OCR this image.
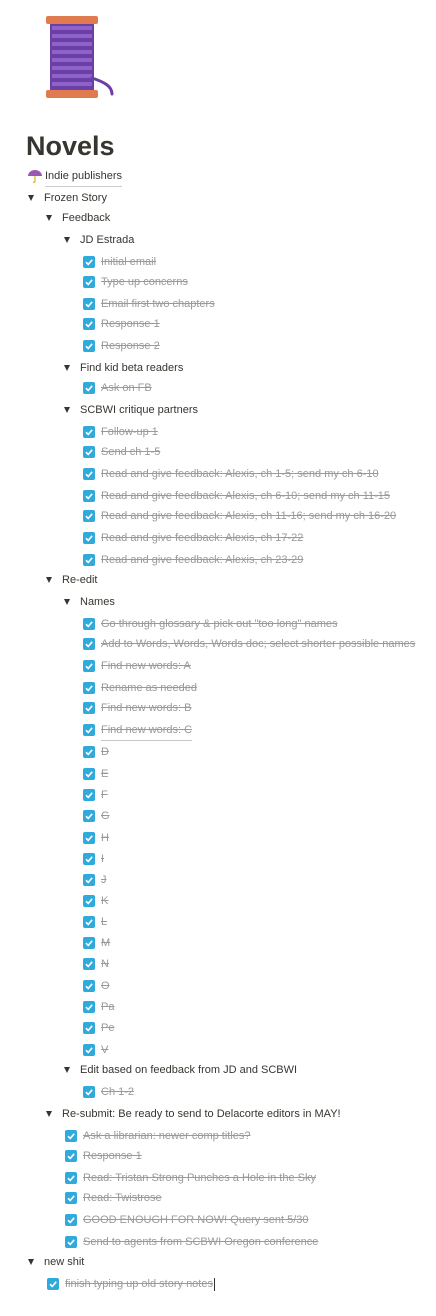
Novels
Indie publishers
Frozen Story
Feedback
JD Estrada
Initial email
Type up concerns
Email first two chapters
Response 1
Response 2
Find kid beta readers
Ask on FB
SCBWI critique partners
Follow-up 1
Send ch 1-5
Read and give feedback: Alexis, ch 1-5; send my ch 6-10
Read and give feedback: Alexis, ch 6-10; send my ch 11-15
Read and give feedback: Alexis, ch 11-16; send my ch 16-20
Read and give feedback: Alexis, ch 17-22
Read and give feedback: Alexis, ch 23-29
Re-edit
Names
Go through glossary & pick out "too long" names
Add to Words, Words, Words doc; select shorter possible names
Find new words: A
Rename as needed
Find new words: B
Find new words: C
D
E
F
G
H
I
J
K
L
M
N
O
Pa
Pe
V
Edit based on feedback from JD and SCBWI
Ch 1-2
Re-submit: Be ready to send to Delacorte editors in MAY!
Ask a librarian: newer comp titles?
Response 1
Read: Tristan Strong Punches a Hole in the Sky
Read: Twistrose
GOOD ENOUGH FOR NOW! Query sent 5/30
Send to agents from SCBWI Oregon conference
new shit
finish typing up old story notes
